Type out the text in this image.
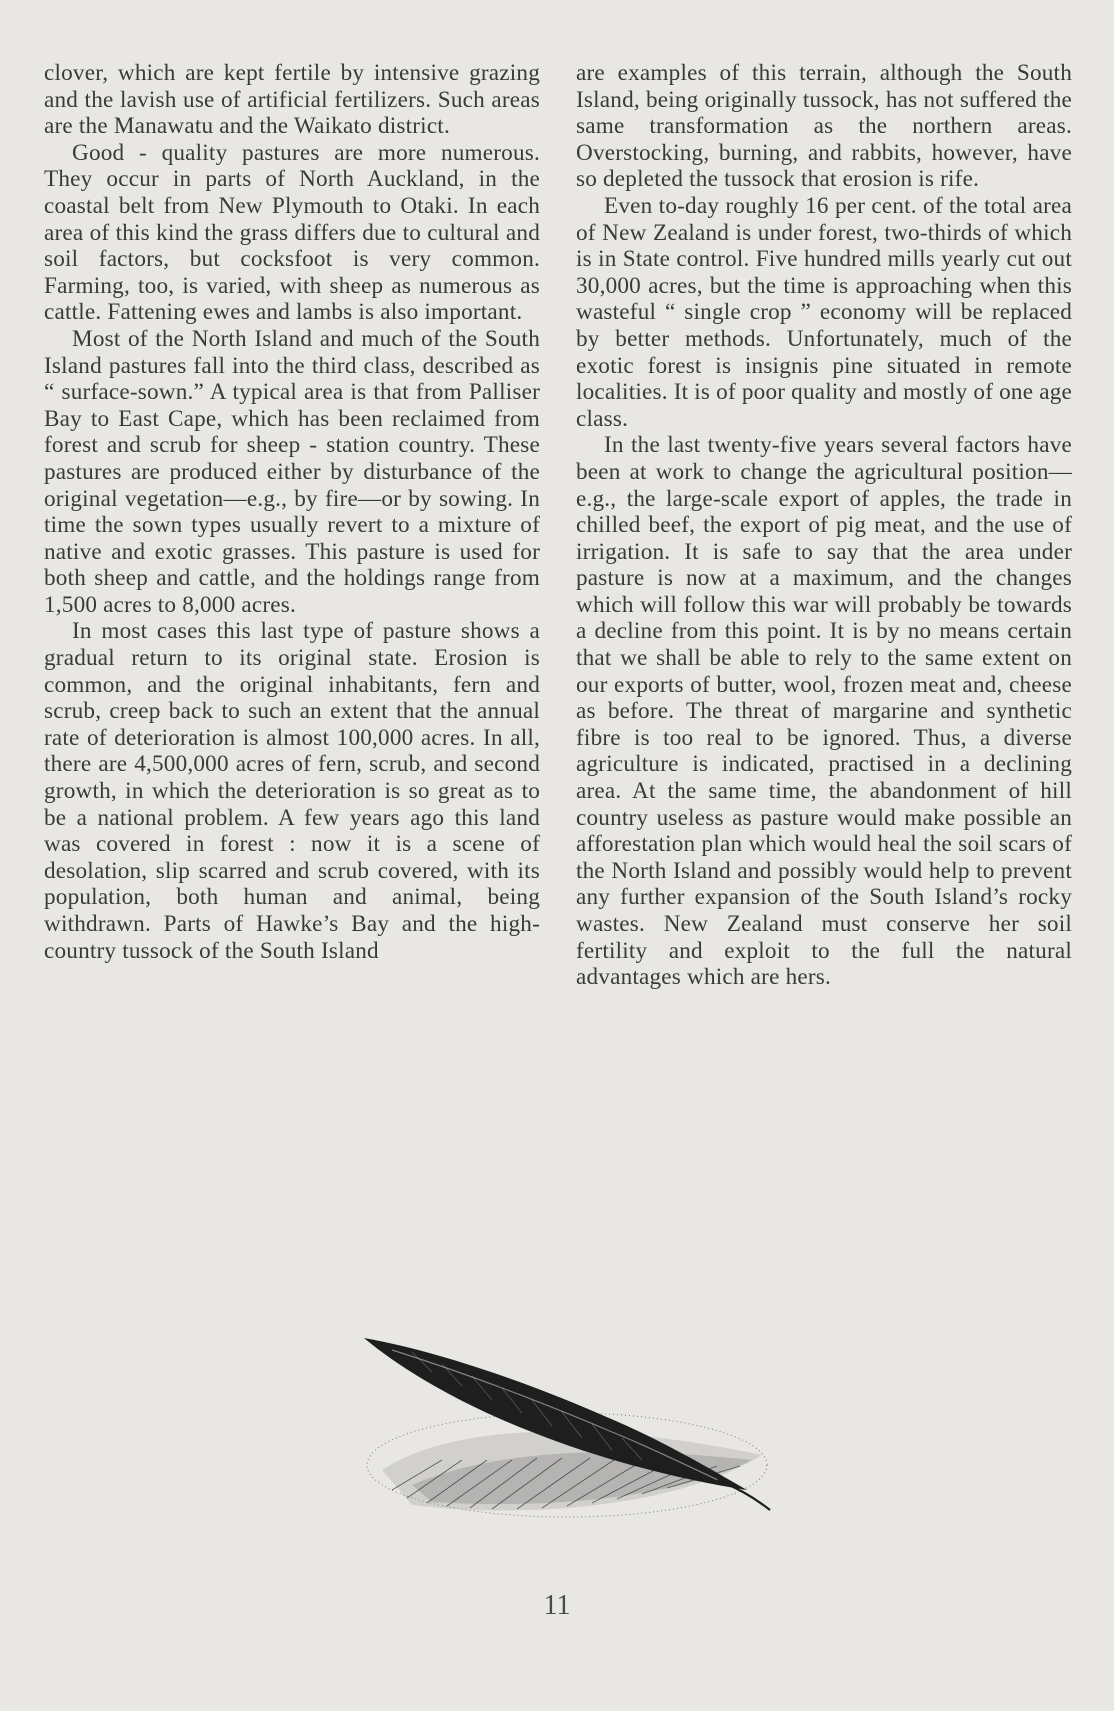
clover, which are kept fertile by intensive grazing and the lavish use of artificial fertilizers. Such areas are the Manawatu and the Waikato district.

Good - quality pastures are more numerous. They occur in parts of North Auckland, in the coastal belt from New Plymouth to Otaki. In each area of this kind the grass differs due to cultural and soil factors, but cocksfoot is very common. Farming, too, is varied, with sheep as numerous as cattle. Fattening ewes and lambs is also important.

Most of the North Island and much of the South Island pastures fall into the third class, described as “ surface-sown.” A typical area is that from Palliser Bay to East Cape, which has been reclaimed from forest and scrub for sheep - station country. These pastures are produced either by disturbance of the original vegetation—e.g., by fire—or by sowing. In time the sown types usually revert to a mixture of native and exotic grasses. This pasture is used for both sheep and cattle, and the holdings range from 1,500 acres to 8,000 acres.

In most cases this last type of pasture shows a gradual return to its original state. Erosion is common, and the original inhabitants, fern and scrub, creep back to such an extent that the annual rate of deterioration is almost 100,000 acres. In all, there are 4,500,000 acres of fern, scrub, and second growth, in which the deterioration is so great as to be a national problem. A few years ago this land was covered in forest : now it is a scene of desolation, slip scarred and scrub covered, with its population, both human and animal, being withdrawn. Parts of Hawke’s Bay and the high-country tussock of the South Island

are examples of this terrain, although the South Island, being originally tussock, has not suffered the same transformation as the northern areas. Overstocking, burning, and rabbits, however, have so depleted the tussock that erosion is rife.

Even to-day roughly 16 per cent. of the total area of New Zealand is under forest, two-thirds of which is in State control. Five hundred mills yearly cut out 30,000 acres, but the time is approaching when this wasteful “ single crop ” economy will be replaced by better methods. Unfortunately, much of the exotic forest is insignis pine situated in remote localities. It is of poor quality and mostly of one age class.

In the last twenty-five years several factors have been at work to change the agricultural position—e.g., the large-scale export of apples, the trade in chilled beef, the export of pig meat, and the use of irrigation. It is safe to say that the area under pasture is now at a maximum, and the changes which will follow this war will probably be towards a decline from this point. It is by no means certain that we shall be able to rely to the same extent on our exports of butter, wool, frozen meat and, cheese as before. The threat of margarine and synthetic fibre is too real to be ignored. Thus, a diverse agriculture is indicated, practised in a declining area. At the same time, the abandonment of hill country useless as pasture would make possible an afforestation plan which would heal the soil scars of the North Island and possibly would help to prevent any further expansion of the South Island’s rocky wastes. New Zealand must conserve her soil fertility and exploit to the full the natural advantages which are hers.

11
